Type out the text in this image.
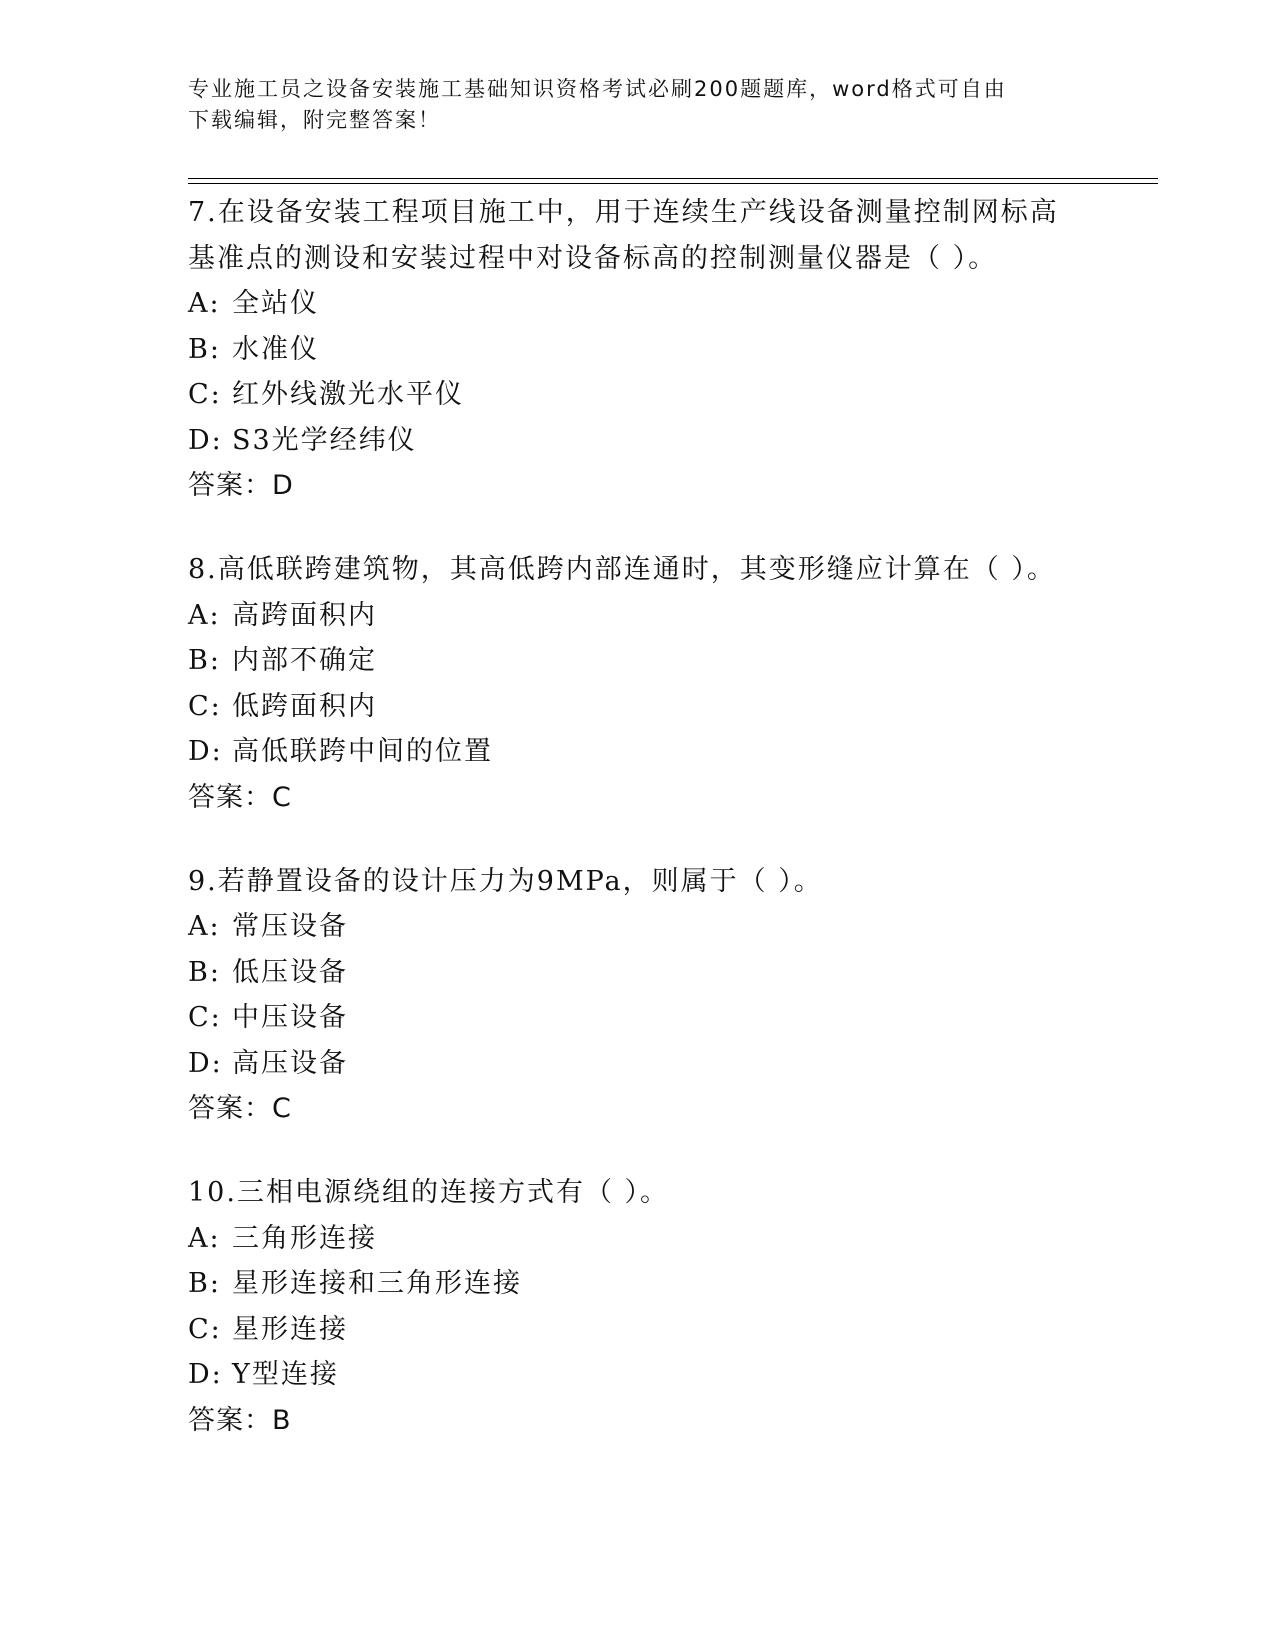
专业施工员之设备安装施工基础知识资格考试必刷200题题库，word格式可自由
下载编辑，附完整答案！
7.在设备安装工程项目施工中，用于连续生产线设备测量控制网标高
基准点的测设和安装过程中对设备标高的控制测量仪器是（ ）。
A: 全站仪
B: 水准仪
C: 红外线激光水平仪
D: S3光学经纬仪
答案：D
8.高低联跨建筑物，其高低跨内部连通时，其变形缝应计算在（ ）。
A: 高跨面积内
B: 内部不确定
C: 低跨面积内
D: 高低联跨中间的位置
答案：C
9.若静置设备的设计压力为9MPa，则属于（ ）。
A: 常压设备
B: 低压设备
C: 中压设备
D: 高压设备
答案：C
10.三相电源绕组的连接方式有（ ）。
A: 三角形连接
B: 星形连接和三角形连接
C: 星形连接
D: Y型连接
答案：B
